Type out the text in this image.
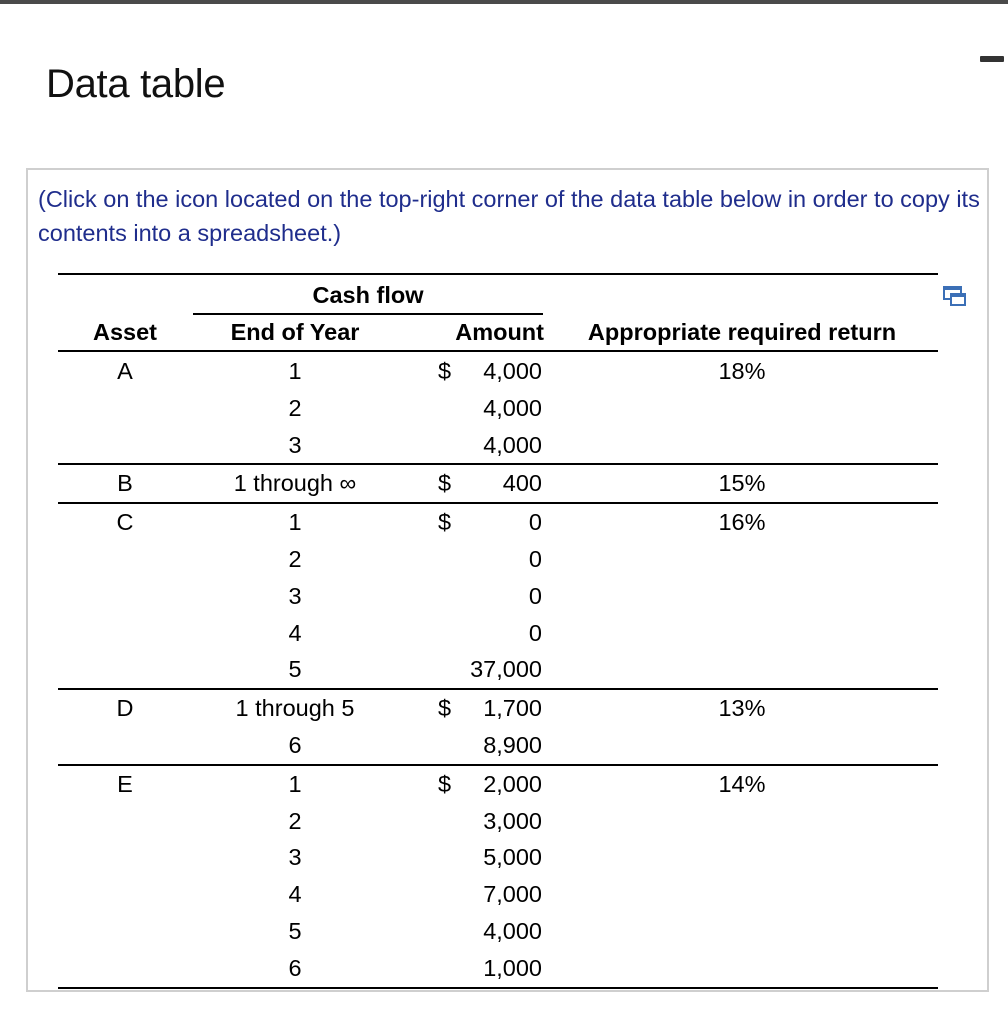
Data table
(Click on the icon located on the top-right corner of the data table below in order to copy its contents into a spreadsheet.)
Cash flow
Asset	End of Year	Amount	Appropriate required return
A	1	$	4,000	18%
2	4,000
3	4,000
B	1 through ∞	$	400	15%
C	1	$	0	16%
2	0
3	0
4	0
5	37,000
D	1 through 5	$	1,700	13%
6	8,900
E	1	$	2,000	14%
2	3,000
3	5,000
4	7,000
5	4,000
6	1,000
